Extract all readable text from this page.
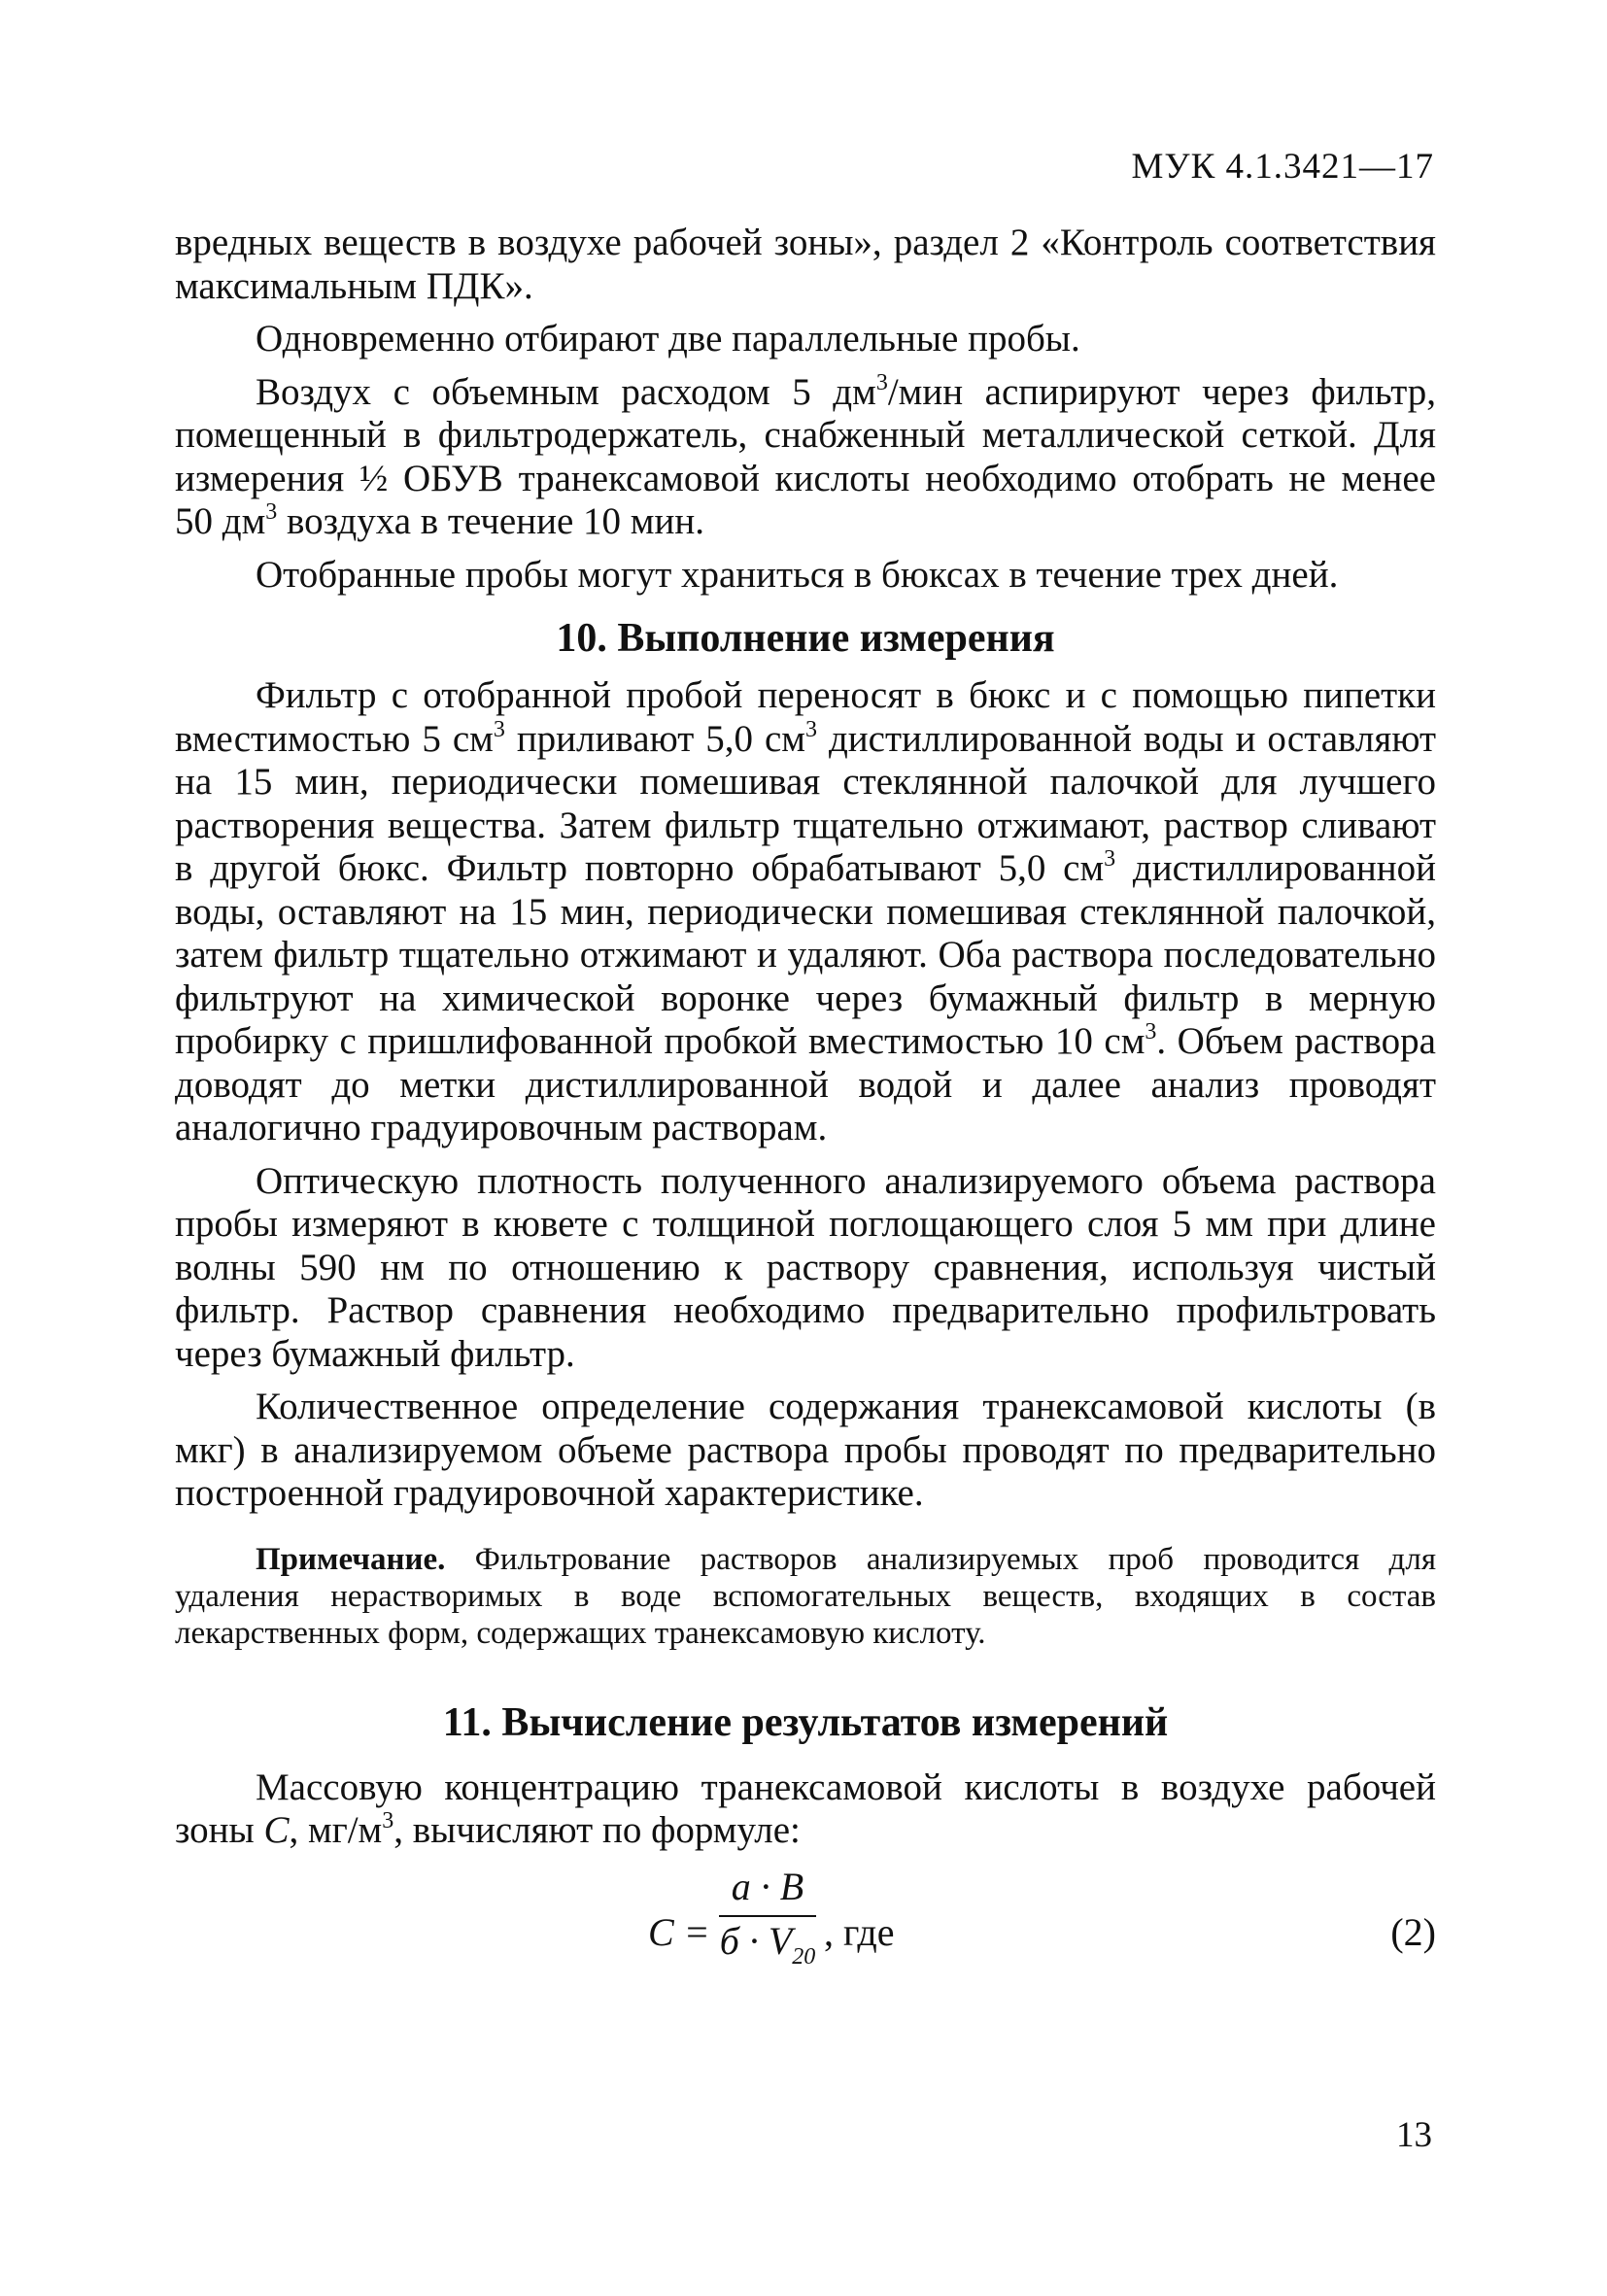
МУК 4.1.3421—17

вредных веществ в воздухе рабочей зоны», раздел 2 «Контроль соответствия максимальным ПДК».

Одновременно отбирают две параллельные пробы.

Воздух с объемным расходом 5 $дм^3$/мин аспирируют через фильтр, помещенный в фильтродержатель, снабженный металлической сеткой. Для измерения ½ ОБУВ транексамовой кислоты необходимо отобрать не менее 50 $дм^3$ воздуха в течение 10 мин.

Отобранные пробы могут храниться в бюксах в течение трех дней.

10. Выполнение измерения

Фильтр с отобранной пробой переносят в бюкс и с помощью пипетки вместимостью 5 $см^3$ приливают 5,0 $см^3$ дистиллированной воды и оставляют на 15 мин, периодически помешивая стеклянной палочкой для лучшего растворения вещества. Затем фильтр тщательно отжимают, раствор сливают в другой бюкс. Фильтр повторно обрабатывают 5,0 $см^3$ дистиллированной воды, оставляют на 15 мин, периодически помешивая стеклянной палочкой, затем фильтр тщательно отжимают и удаляют. Оба раствора последовательно фильтруют на химической воронке через бумажный фильтр в мерную пробирку с пришлифованной пробкой вместимостью 10 $см^3$. Объем раствора доводят до метки дистиллированной водой и далее анализ проводят аналогично градуировочным растворам.

Оптическую плотность полученного анализируемого объема раствора пробы измеряют в кювете с толщиной поглощающего слоя 5 мм при длине волны 590 нм по отношению к раствору сравнения, используя чистый фильтр. Раствор сравнения необходимо предварительно профильтровать через бумажный фильтр.

Количественное определение содержания транексамовой кислоты (в мкг) в анализируемом объеме раствора пробы проводят по предварительно построенной градуировочной характеристике.

Примечание. Фильтрование растворов анализируемых проб проводится для удаления нерастворимых в воде вспомогательных веществ, входящих в состав лекарственных форм, содержащих транексамовую кислоту.

11. Вычисление результатов измерений

Массовую концентрацию транексамовой кислоты в воздухе рабочей зоны С, $мг/м^3$, вычисляют по формуле:

С =
а · В
$б \cdot V_{20}$
, где	(2)
13
